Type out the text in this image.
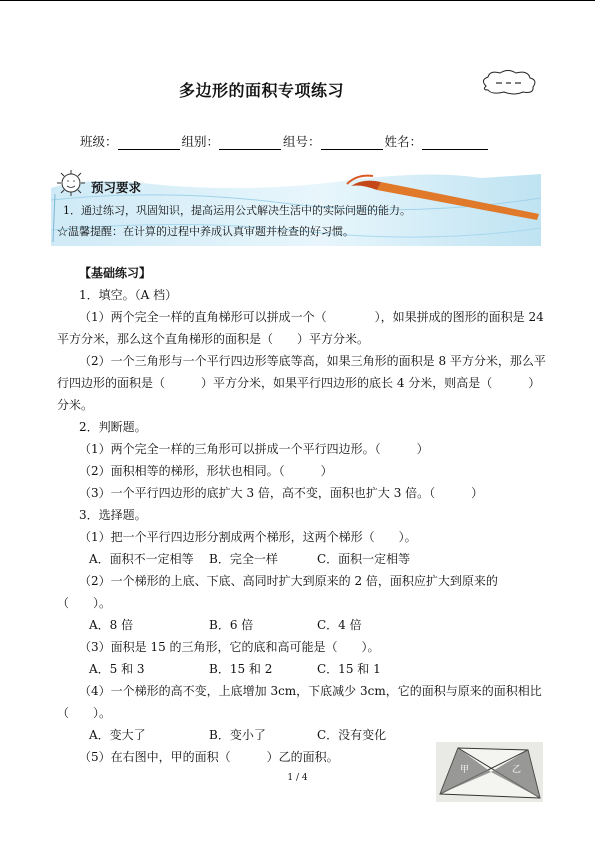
多边形的面积专项练习
班级：	组别：	组号：	姓名：
预习要求
1．通过练习，巩固知识，提高运用公式解决生活中的实际问题的能力。
☆温馨提醒：在计算的过程中养成认真审题并检查的好习惯。

【基础练习】

1．填空。（A 档）

（1）两个完全一样的直角梯形可以拼成一个（　　　　），如果拼成的图形的面积是 24 平方分米，那么这个直角梯形的面积是（　　）平方分米。

（2）一个三角形与一个平行四边形等底等高，如果三角形的面积是 8 平方分米，那么平行四边形的面积是（　　　）平方分米，如果平行四边形的底长 4 分米，则高是（　　　）分米。

2．判断题。

（1）两个完全一样的三角形可以拼成一个平行四边形。（　　　）

（2）面积相等的梯形，形状也相同。（　　　）

（3）一个平行四边形的底扩大 3 倍，高不变，面积也扩大 3 倍。（　　　）

3．选择题。

（1）把一个平行四边形分割成两个梯形，这两个梯形（　　）。

A．面积不一定相等 B．完全一样	C．面积一定相等

（2）一个梯形的上底、下底、高同时扩大到原来的 2 倍，面积应扩大到原来的（　　）。

A．8 倍	B．6 倍	C．4 倍

（3）面积是 15 的三角形，它的底和高可能是（　　）。

A．5 和 3	B．15 和 2	C．15 和 1

（4）一个梯形的高不变，上底增加 3cm，下底减少 3cm，它的面积与原来的面积相比（　　）。

A．变大了	B．变小了	C．没有变化

（5）在右图中，甲的面积（　　　）乙的面积。

甲	乙
1 / 4
